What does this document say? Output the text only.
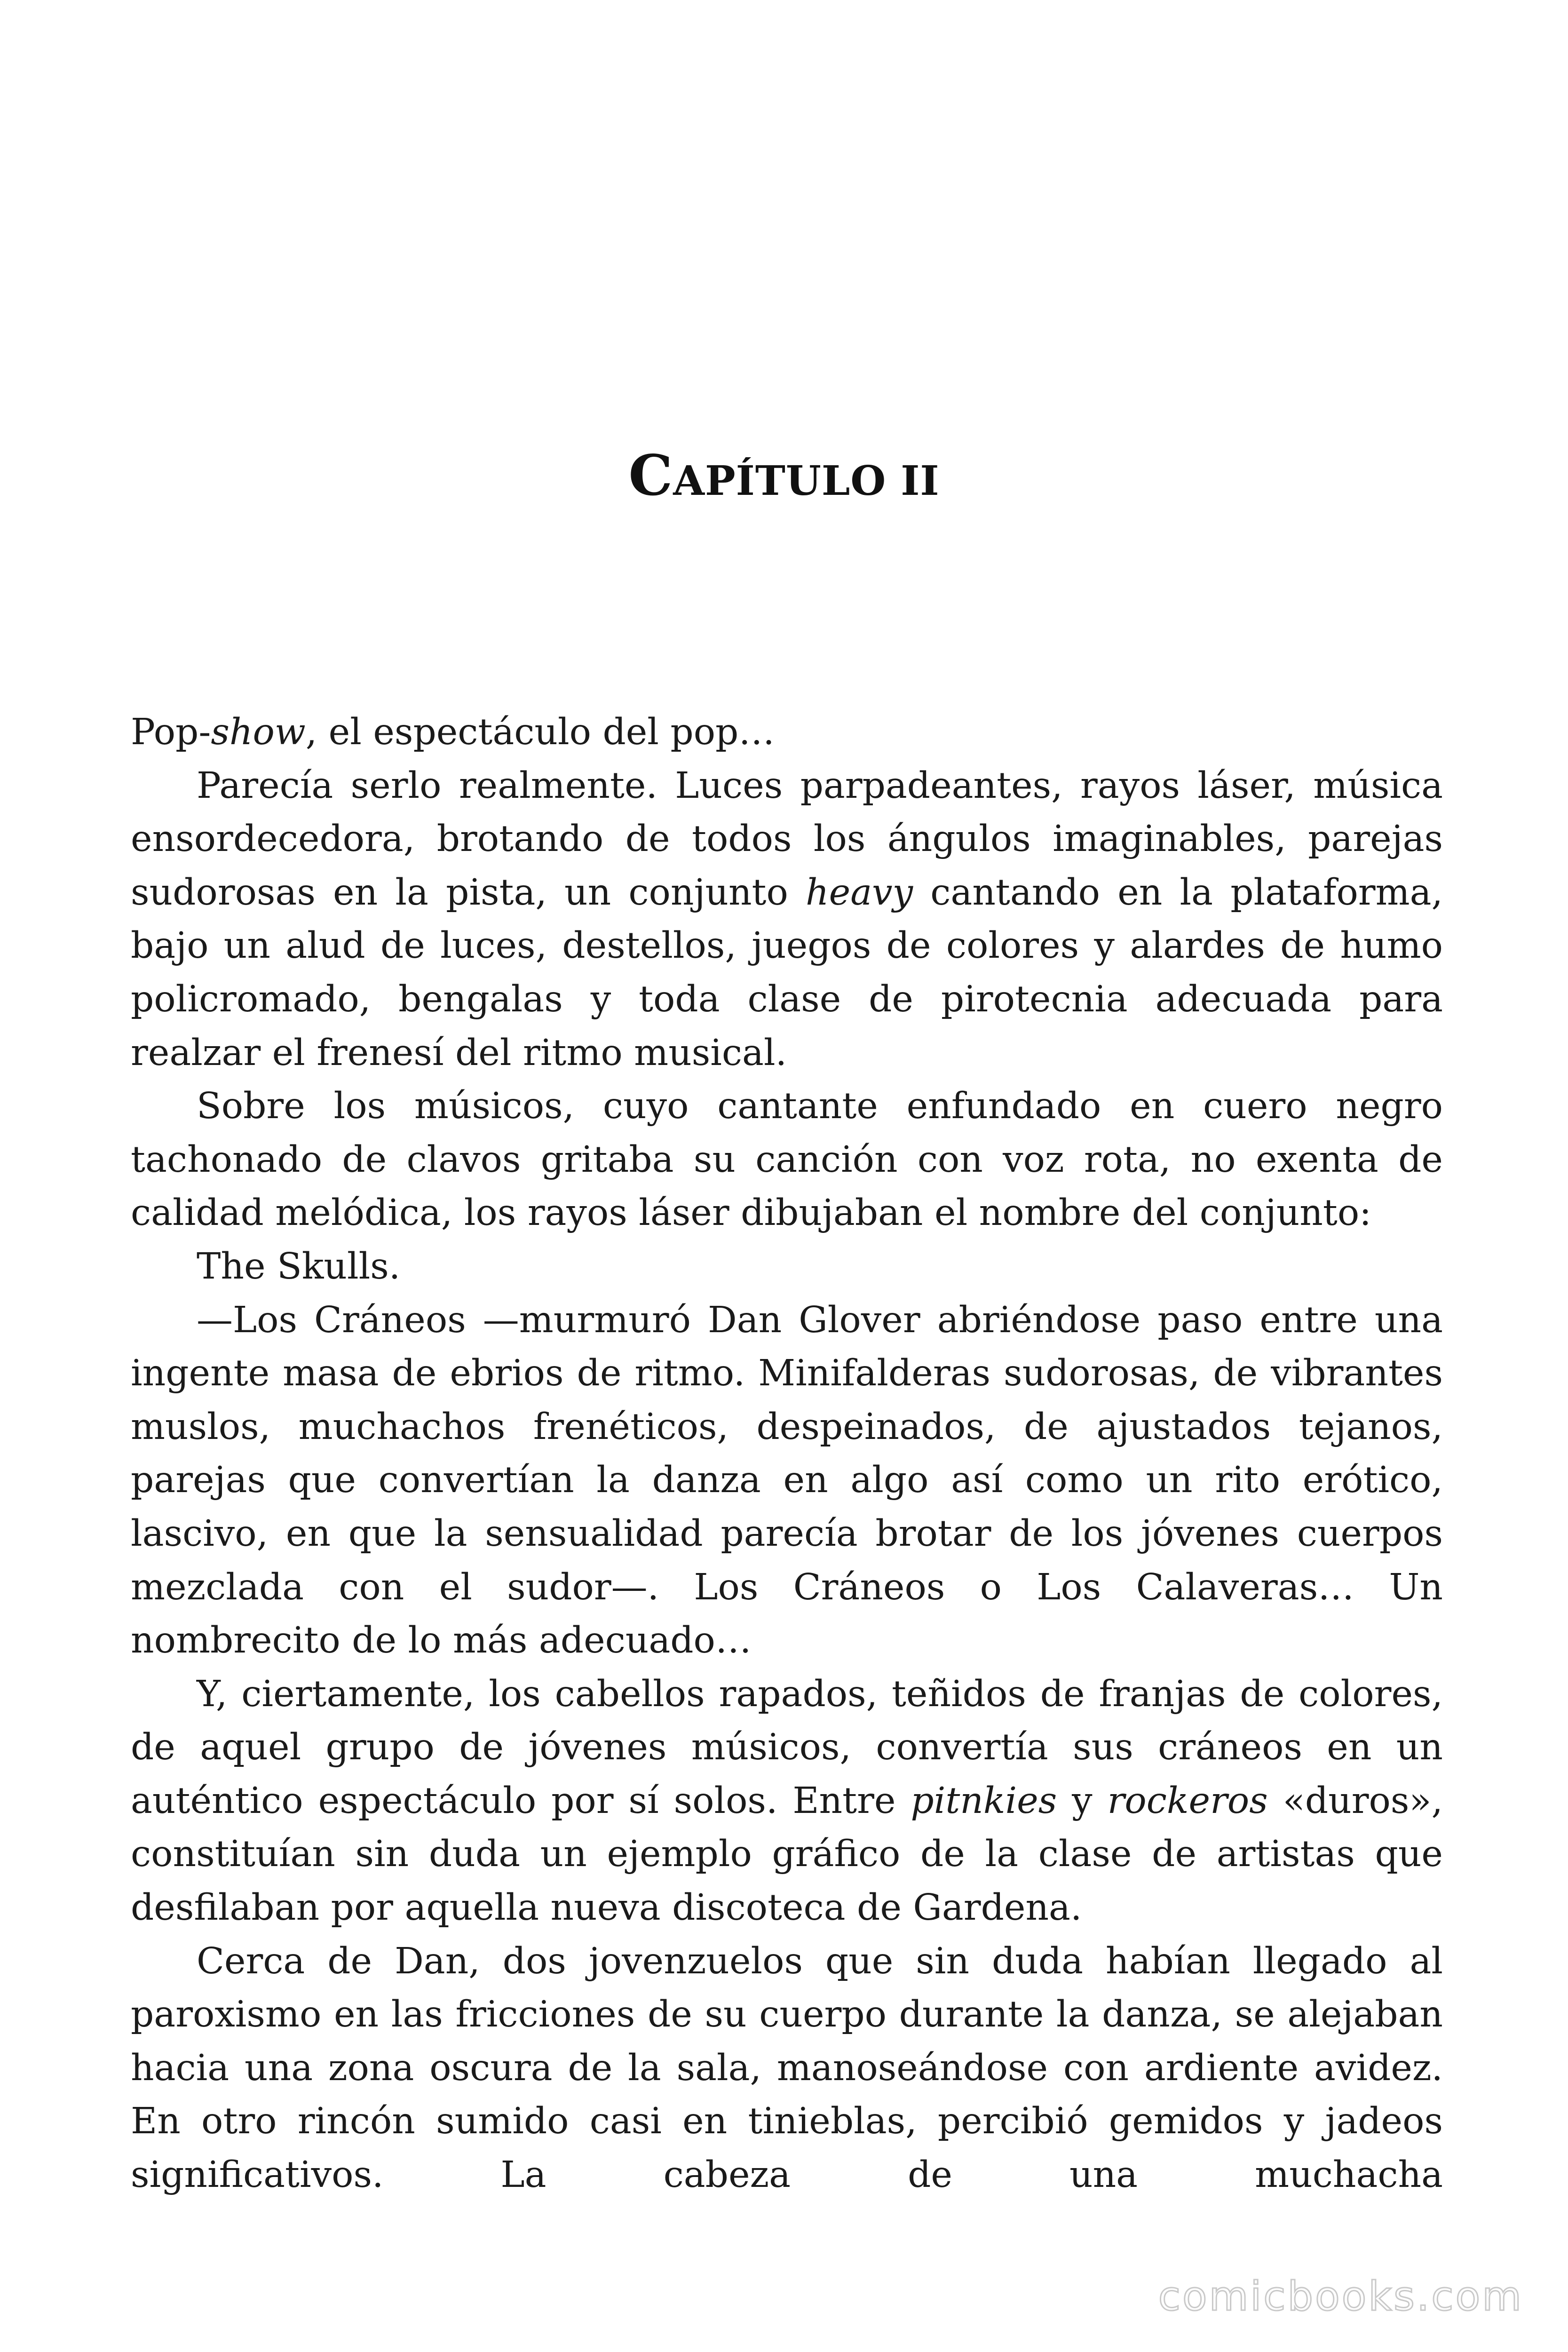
CAPÍTULO II

Pop-show, el espectáculo del pop…

Parecía serlo realmente. Luces parpadeantes, rayos láser, música ensordecedora, brotando de todos los ángulos imaginables, parejas sudorosas en la pista, un conjunto heavy cantando en la plataforma, bajo un alud de luces, destellos, juegos de colores y alardes de humo policromado, bengalas y toda clase de pirotecnia adecuada para realzar el frenesí del ritmo musical.

Sobre los músicos, cuyo cantante enfundado en cuero negro tachonado de clavos gritaba su canción con voz rota, no exenta de calidad melódica, los rayos láser dibujaban el nombre del conjunto:

The Skulls.

—Los Cráneos —murmuró Dan Glover abriéndose paso entre una ingente masa de ebrios de ritmo. Minifalderas sudorosas, de vibrantes muslos, muchachos frenéticos, despeinados, de ajustados tejanos, parejas que convertían la danza en algo así como un rito erótico, lascivo, en que la sensualidad parecía brotar de los jóvenes cuerpos mezclada con el sudor—. Los Cráneos o Los Calaveras… Un nombrecito de lo más adecuado…

Y, ciertamente, los cabellos rapados, teñidos de franjas de colores, de aquel grupo de jóvenes músicos, convertía sus cráneos en un auténtico espectáculo por sí solos. Entre pitnkies y rockeros «duros», constituían sin duda un ejemplo gráfico de la clase de artistas que desfilaban por aquella nueva discoteca de Gardena.

Cerca de Dan, dos jovenzuelos que sin duda habían llegado al paroxismo en las fricciones de su cuerpo durante la danza, se alejaban hacia una zona oscura de la sala, manoseándose con ardiente avidez. En otro rincón sumido casi en tinieblas, percibió gemidos y jadeos significativos. La cabeza de una muchacha

comicbooks.com
